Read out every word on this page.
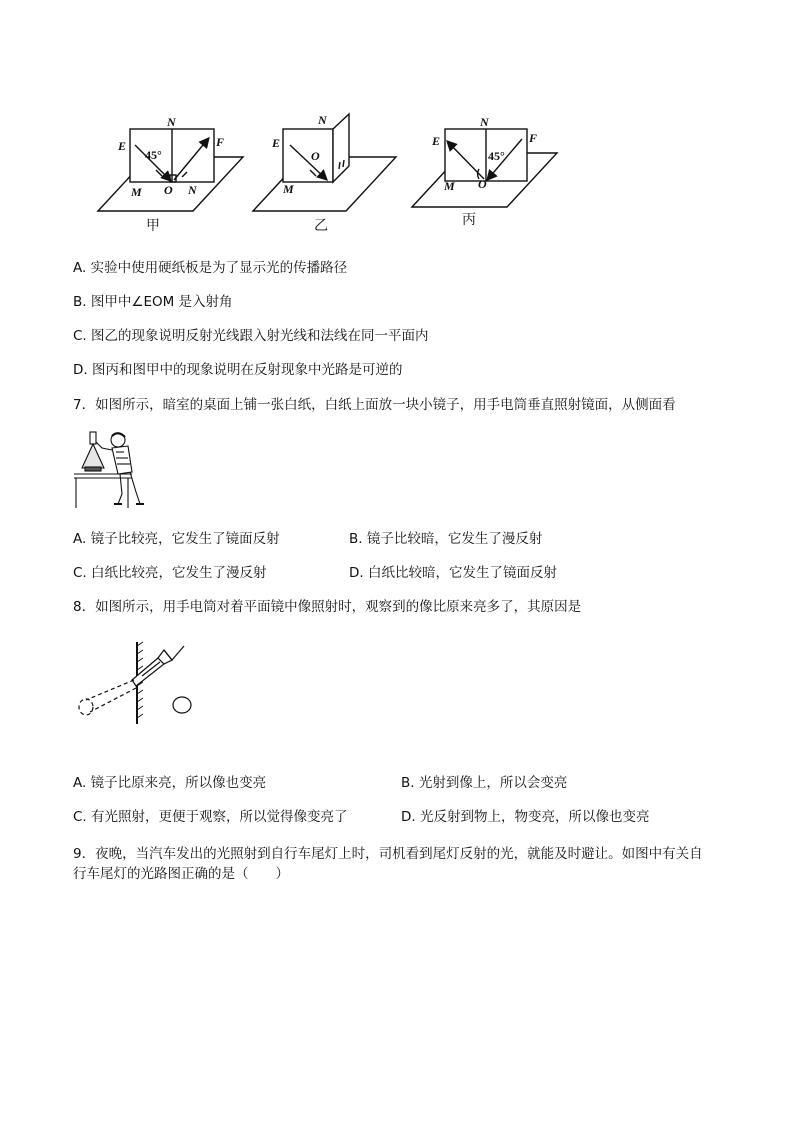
E
N
F
M O N
45°
N
E
O
M
N
E	F
M O
45°
甲	乙	丙
A. 实验中使用硬纸板是为了显示光的传播路径
B. 图甲中∠EOM 是入射角
C. 图乙的现象说明反射光线跟入射光线和法线在同一平面内
D. 图丙和图甲中的现象说明在反射现象中光路是可逆的
7．如图所示，暗室的桌面上铺一张白纸，白纸上面放一块小镜子，用手电筒垂直照射镜面，从侧面看
A. 镜子比较亮，它发生了镜面反射	B. 镜子比较暗，它发生了漫反射
C. 白纸比较亮，它发生了漫反射	D. 白纸比较暗，它发生了镜面反射
8．如图所示，用手电筒对着平面镜中像照射时，观察到的像比原来亮多了，其原因是
A. 镜子比原来亮，所以像也变亮	B. 光射到像上，所以会变亮
C. 有光照射，更便于观察，所以觉得像变亮了	D. 光反射到物上，物变亮，所以像也变亮
9．夜晚，当汽车发出的光照射到自行车尾灯上时，司机看到尾灯反射的光，就能及时避让。如图中有关自
行车尾灯的光路图正确的是（　　）
